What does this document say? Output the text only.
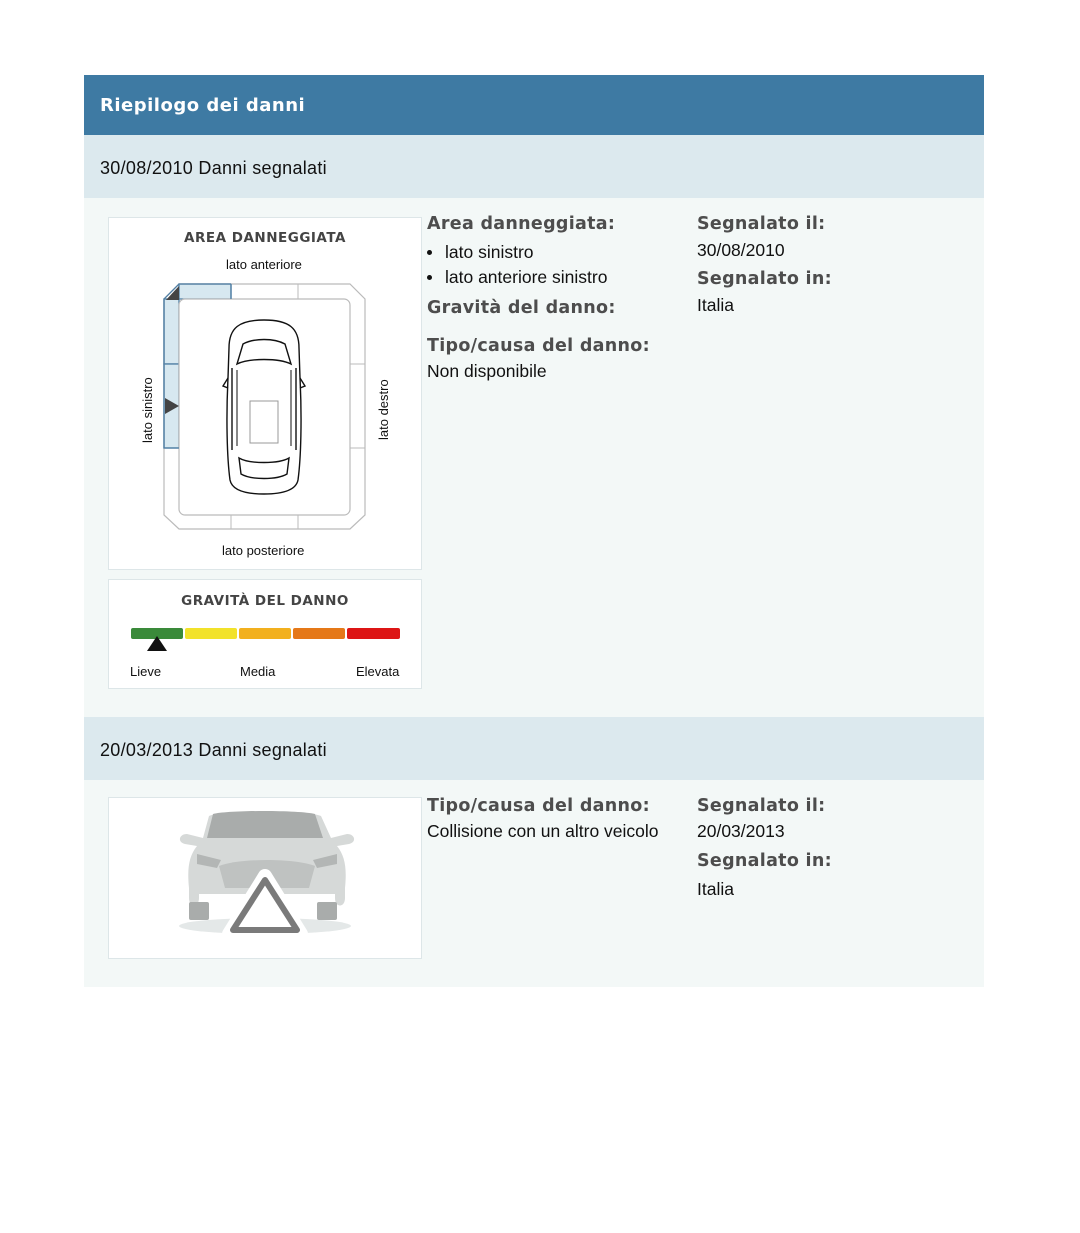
Riepilogo dei danni
30/08/2010 Danni segnalati
AREA DANNEGGIATA
lato anteriore
lato posteriore
lato sinistro	lato destro
GRAVITÀ DEL DANNO
Lieve	Media	Elevata
Area danneggiata:
lato sinistro
lato anteriore sinistro
Gravità del danno:
Tipo/causa del danno:
Non disponibile
Segnalato il:
30/08/2010
Segnalato in:
Italia
20/03/2013 Danni segnalati
Tipo/causa del danno:
Collisione con un altro veicolo
Segnalato il:
20/03/2013
Segnalato in:
Italia
